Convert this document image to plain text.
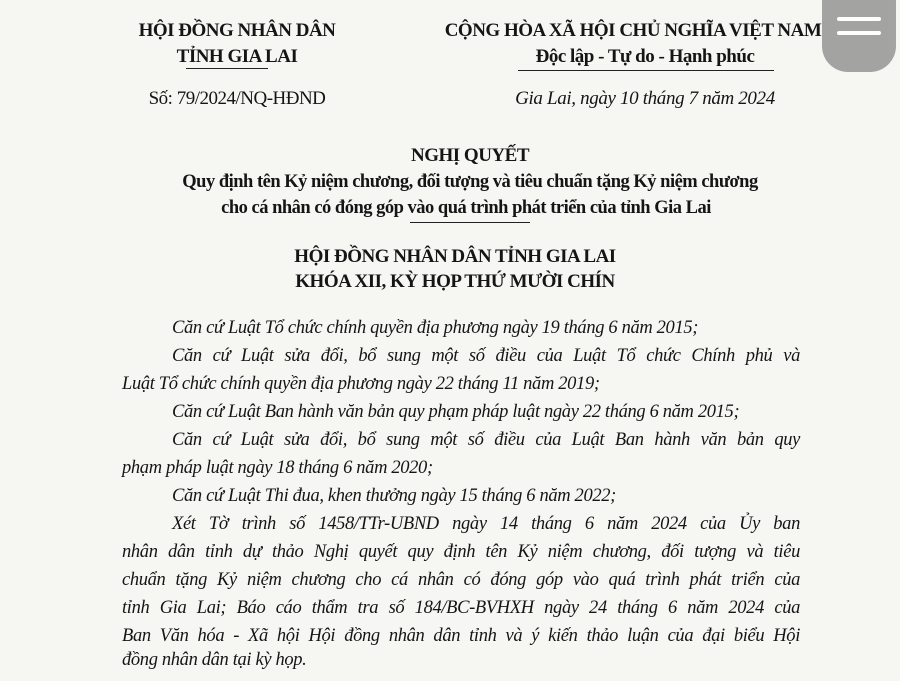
HỘI ĐỒNG NHÂN DÂN
TỈNH GIA LAI
Số: 79/2024/NQ-HĐND
CỘNG HÒA XÃ HỘI CHỦ NGHĨA VIỆT NAM
Độc lập - Tự do - Hạnh phúc
Gia Lai, ngày 10 tháng 7 năm 2024
NGHỊ QUYẾT
Quy định tên Kỷ niệm chương, đối tượng và tiêu chuẩn tặng Kỷ niệm chương
cho cá nhân có đóng góp vào quá trình phát triển của tỉnh Gia Lai
HỘI ĐỒNG NHÂN DÂN TỈNH GIA LAI
KHÓA XII, KỲ HỌP THỨ MƯỜI CHÍN
Căn cứ Luật Tổ chức chính quyền địa phương ngày 19 tháng 6 năm 2015;
Căn cứ Luật sửa đổi, bổ sung một số điều của Luật Tổ chức Chính phủ và
Luật Tổ chức chính quyền địa phương ngày 22 tháng 11 năm 2019;
Căn cứ Luật Ban hành văn bản quy phạm pháp luật ngày 22 tháng 6 năm 2015;
Căn cứ Luật sửa đổi, bổ sung một số điều của Luật Ban hành văn bản quy
phạm pháp luật ngày 18 tháng 6 năm 2020;
Căn cứ Luật Thi đua, khen thưởng ngày 15 tháng 6 năm 2022;
Xét Tờ trình số 1458/TTr-UBND ngày 14 tháng 6 năm 2024 của Ủy ban
nhân dân tỉnh dự thảo Nghị quyết quy định tên Kỷ niệm chương, đối tượng và tiêu
chuẩn tặng Kỷ niệm chương cho cá nhân có đóng góp vào quá trình phát triển của
tỉnh Gia Lai; Báo cáo thẩm tra số 184/BC-BVHXH ngày 24 tháng 6 năm 2024 của
Ban Văn hóa - Xã hội Hội đồng nhân dân tỉnh và ý kiến thảo luận của đại biểu Hội
đồng nhân dân tại kỳ họp.
